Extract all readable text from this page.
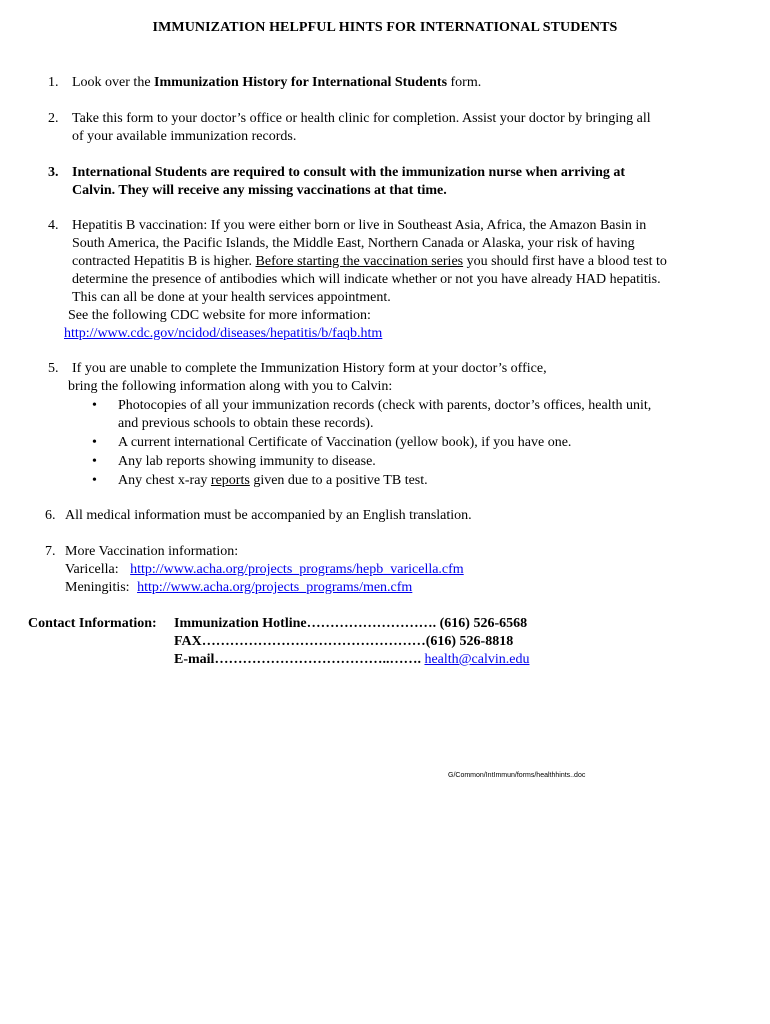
IMMUNIZATION HELPFUL HINTS FOR INTERNATIONAL STUDENTS
1. Look over the Immunization History for International Students form.
2. Take this form to your doctor’s office or health clinic for completion. Assist your doctor by bringing all
of your available immunization records.
3. International Students are required to consult with the immunization nurse when arriving at
Calvin. They will receive any missing vaccinations at that time.
4. Hepatitis B vaccination: If you were either born or live in Southeast Asia, Africa, the Amazon Basin in
South America, the Pacific Islands, the Middle East, Northern Canada or Alaska, your risk of having
contracted Hepatitis B is higher. Before starting the vaccination series you should first have a blood test to
determine the presence of antibodies which will indicate whether or not you have already HAD hepatitis.
This can all be done at your health services appointment.
See the following CDC website for more information:
http://www.cdc.gov/ncidod/diseases/hepatitis/b/faqb.htm
5. If you are unable to complete the Immunization History form at your doctor’s office,
bring the following information along with you to Calvin:
• Photocopies of all your immunization records (check with parents, doctor’s offices, health unit,
and previous schools to obtain these records).
• A current international Certificate of Vaccination (yellow book), if you have one.
• Any lab reports showing immunity to disease.
• Any chest x-ray reports given due to a positive TB test.
6. All medical information must be accompanied by an English translation.
7. More Vaccination information:
Varicella: http://www.acha.org/projects_programs/hepb_varicella.cfm
Meningitis: http://www.acha.org/projects_programs/men.cfm
Contact Information: Immunization Hotline………………………. (616) 526-6568
FAX…………………………………………(616) 526-8818
E-mail………………………………..……. health@calvin.edu
G/Common/IntImmun/forms/healthhints..doc
